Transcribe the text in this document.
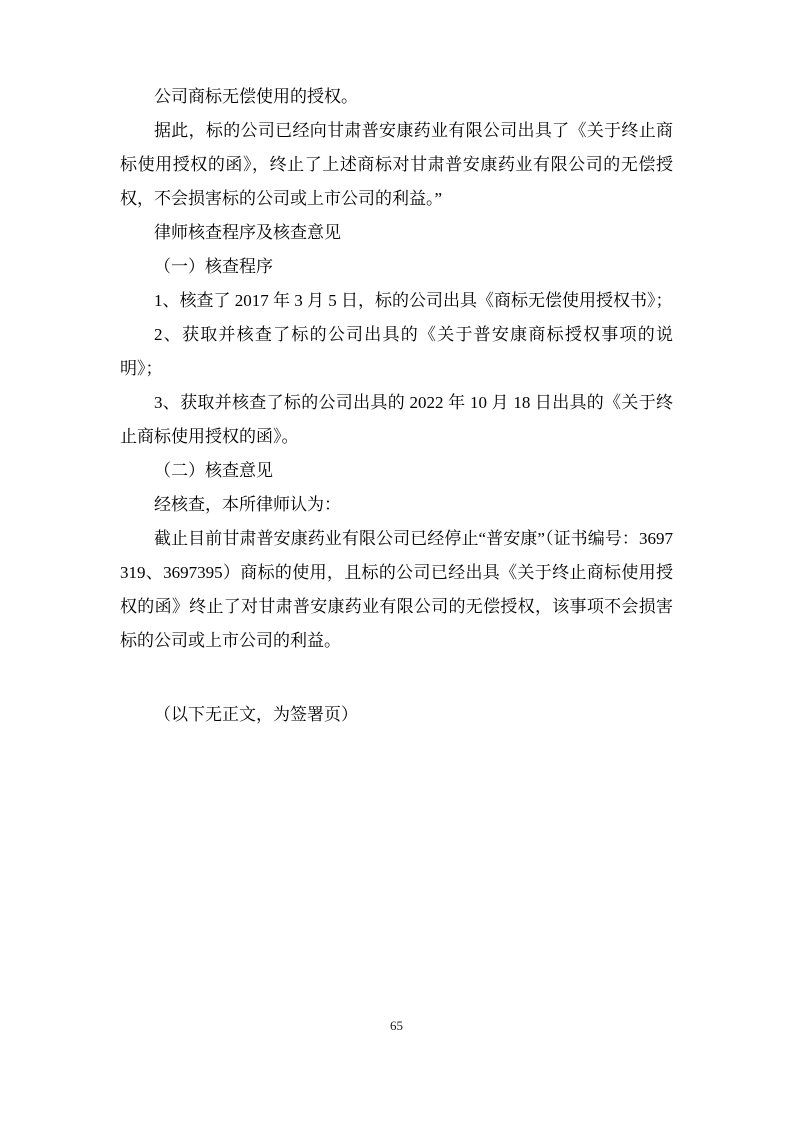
公司商标无偿使用的授权。

据此，标的公司已经向甘肃普安康药业有限公司出具了《关于终止商标使用授权的函》，终止了上述商标对甘肃普安康药业有限公司的无偿授权，不会损害标的公司或上市公司的利益。”

律师核查程序及核查意见
（一）核查程序

1、核查了 2017 年 3 月 5 日，标的公司出具《商标无偿使用授权书》；

2、获取并核查了标的公司出具的《关于普安康商标授权事项的说明》；

3、获取并核查了标的公司出具的 2022 年 10 月 18 日出具的《关于终止商标使用授权的函》。

（二）核查意见

经核查，本所律师认为：

截止目前甘肃普安康药业有限公司已经停止“普安康”（证书编号：3697319、3697395）商标的使用，且标的公司已经出具《关于终止商标使用授权的函》终止了对甘肃普安康药业有限公司的无偿授权，该事项不会损害标的公司或上市公司的利益。

（以下无正文，为签署页）

65
